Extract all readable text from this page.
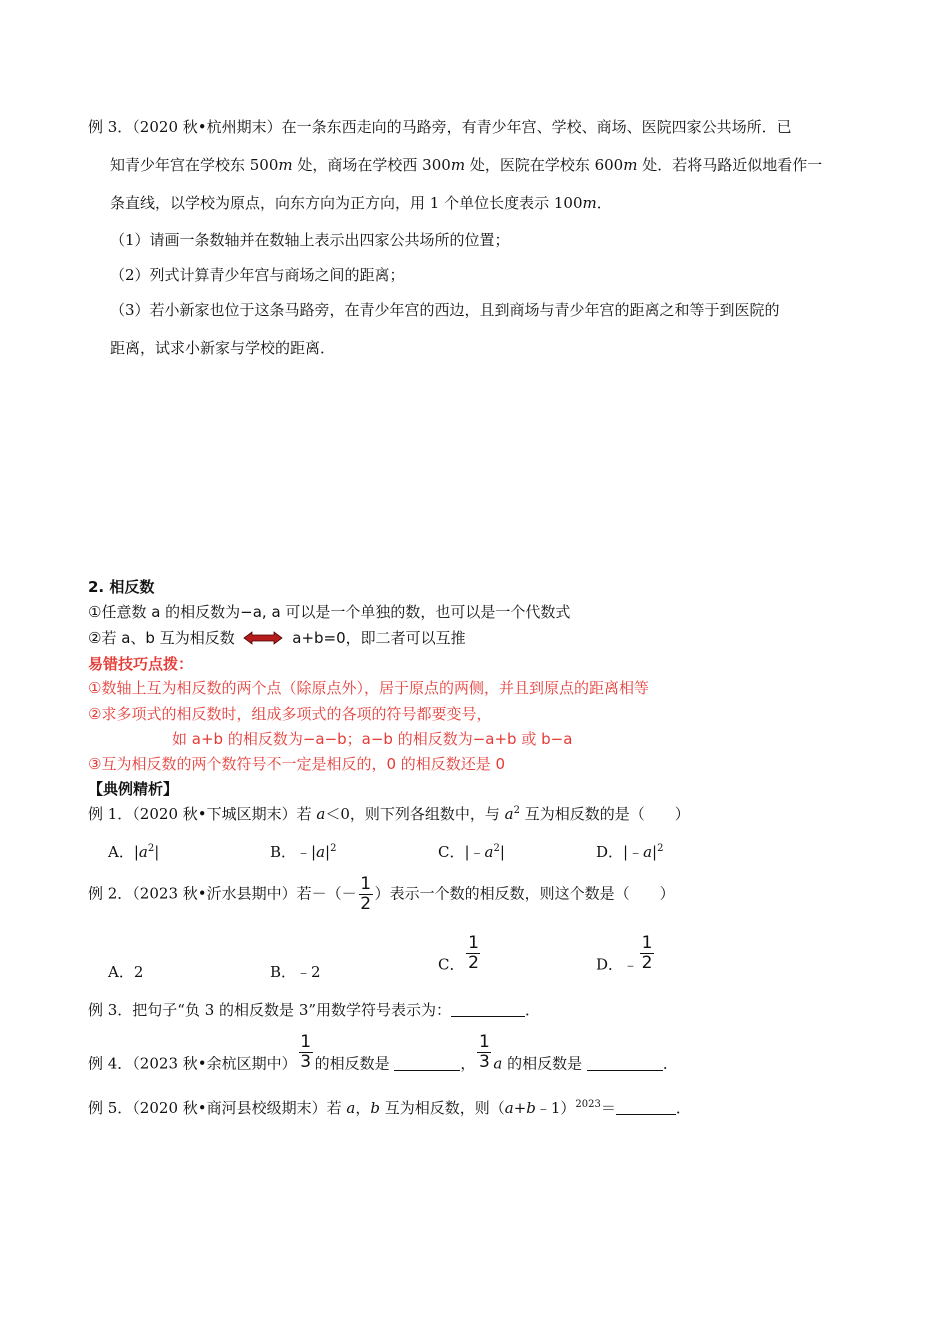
例 3．（2020 秋•杭州期末）在一条东西走向的马路旁，有青少年宫、学校、商场、医院四家公共场所．已
知青少年宫在学校东 500m 处，商场在学校西 300m 处，医院在学校东 600m 处．若将马路近似地看作一
条直线，以学校为原点，向东方向为正方向，用 1 个单位长度表示 100m．
（1）请画一条数轴并在数轴上表示出四家公共场所的位置；
（2）列式计算青少年宫与商场之间的距离；
（3）若小新家也位于这条马路旁，在青少年宫的西边，且到商场与青少年宫的距离之和等于到医院的
距离，试求小新家与学校的距离．
2. 相反数
①任意数 a 的相反数为−a, a 可以是一个单独的数，也可以是一个代数式
②若 a、b 互为相反数	a+b=0，即二者可以互推
易错技巧点拨：
①数轴上互为相反数的两个点（除原点外），居于原点的两侧，并且到原点的距离相等
②求多项式的相反数时，组成多项式的各项的符号都要变号，
如 a+b 的相反数为−a−b；a−b 的相反数为−a+b 或 b−a
③互为相反数的两个数符号不一定是相反的，0 的相反数还是 0
【典例精析】
例 1．（2020 秋•下城区期末）若 a＜0，则下列各组数中，与 $a^2$ 互为相反数的是（　　）
A．$|a^2|$	B．$﹣|a|^2$	C．$|﹣a^2|$	D．$|﹣a|^2$
例 2．（2023 秋•沂水县期中）若－（－ $\frac{1}{2}$ ）表示一个数的相反数，则这个数是（　　）
A．2	B．﹣2	C． $\frac{1}{2}$	D．﹣ $\frac{1}{2}$
例 3．把句子“负 3 的相反数是 3”用数学符号表示为：	．
例 4．（2023 秋•余杭区期中） $\frac{1}{3}$ 的相反数是	， $\frac{1}{3}$ a 的相反数是	．
例 5．（2020 秋•商河县校级期末）若 a，b 互为相反数，则（a+b﹣1）$^{2023}$＝	．
